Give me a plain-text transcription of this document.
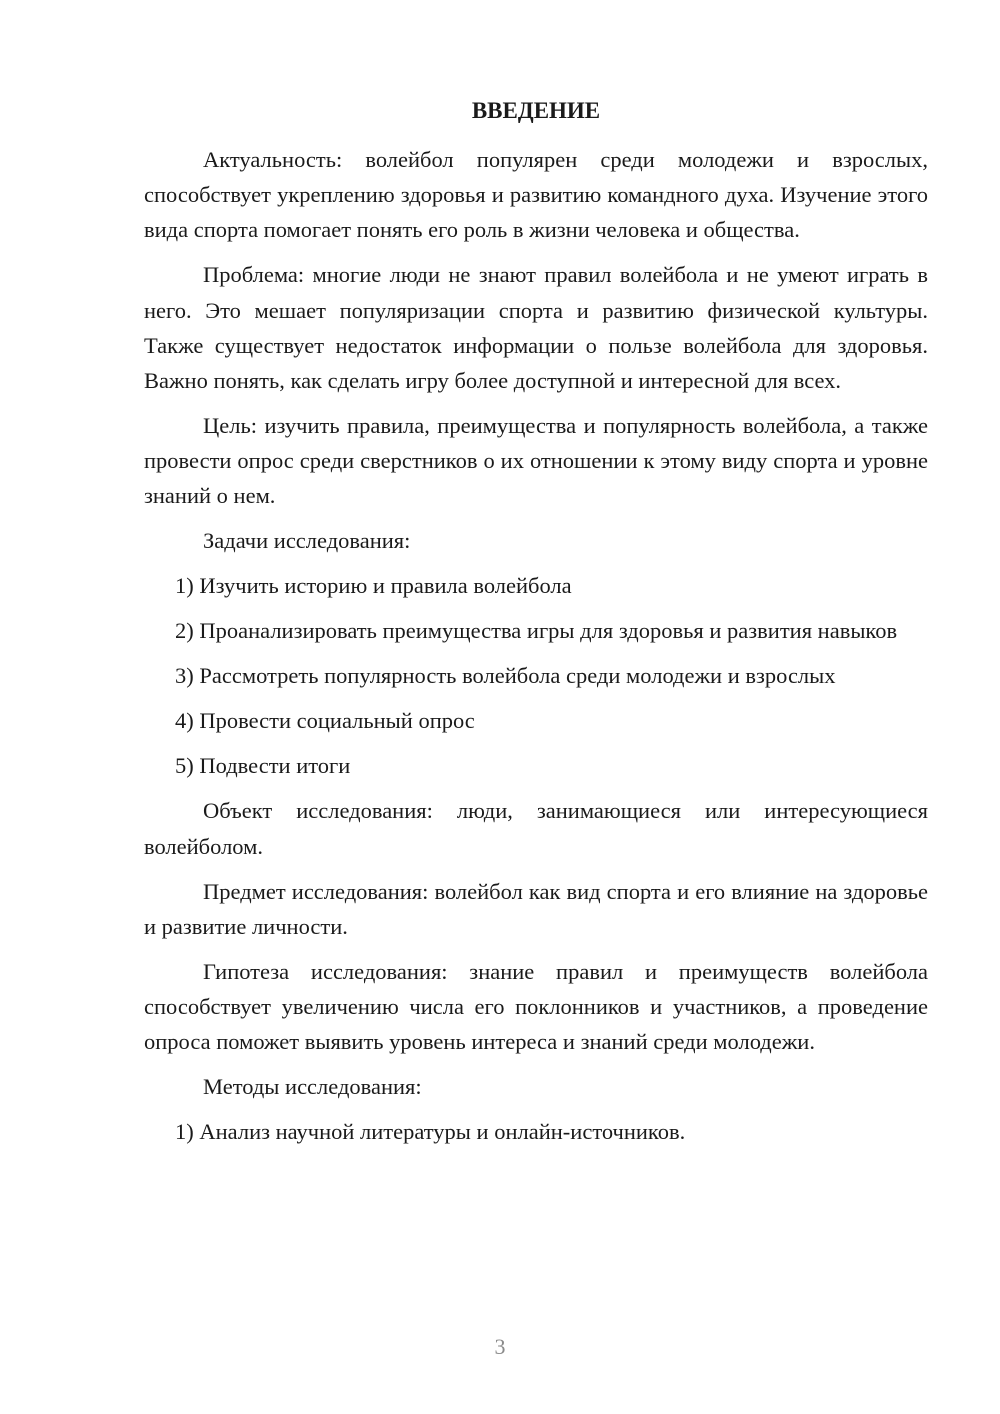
ВВЕДЕНИЕ

Актуальность: волейбол популярен среди молодежи и взрослых, способствует укреплению здоровья и развитию командного духа. Изучение этого вида спорта помогает понять его роль в жизни человека и общества.

Проблема: многие люди не знают правил волейбола и не умеют играть в него. Это мешает популяризации спорта и развитию физической культуры. Также существует недостаток информации о пользе волейбола для здоровья. Важно понять, как сделать игру более доступной и интересной для всех.

Цель: изучить правила, преимущества и популярность волейбола, а также провести опрос среди сверстников о их отношении к этому виду спорта и уровне знаний о нем.

Задачи исследования:

1) Изучить историю и правила волейбола

2) Проанализировать преимущества игры для здоровья и развития навыков

3) Рассмотреть популярность волейбола среди молодежи и взрослых

4) Провести социальный опрос

5) Подвести итоги

Объект исследования: люди, занимающиеся или интересующиеся волейболом.

Предмет исследования: волейбол как вид спорта и его влияние на здоровье и развитие личности.

Гипотеза исследования: знание правил и преимуществ волейбола способствует увеличению числа его поклонников и участников, а проведение опроса поможет выявить уровень интереса и знаний среди молодежи.

Методы исследования:

1) Анализ научной литературы и онлайн-источников.

3
